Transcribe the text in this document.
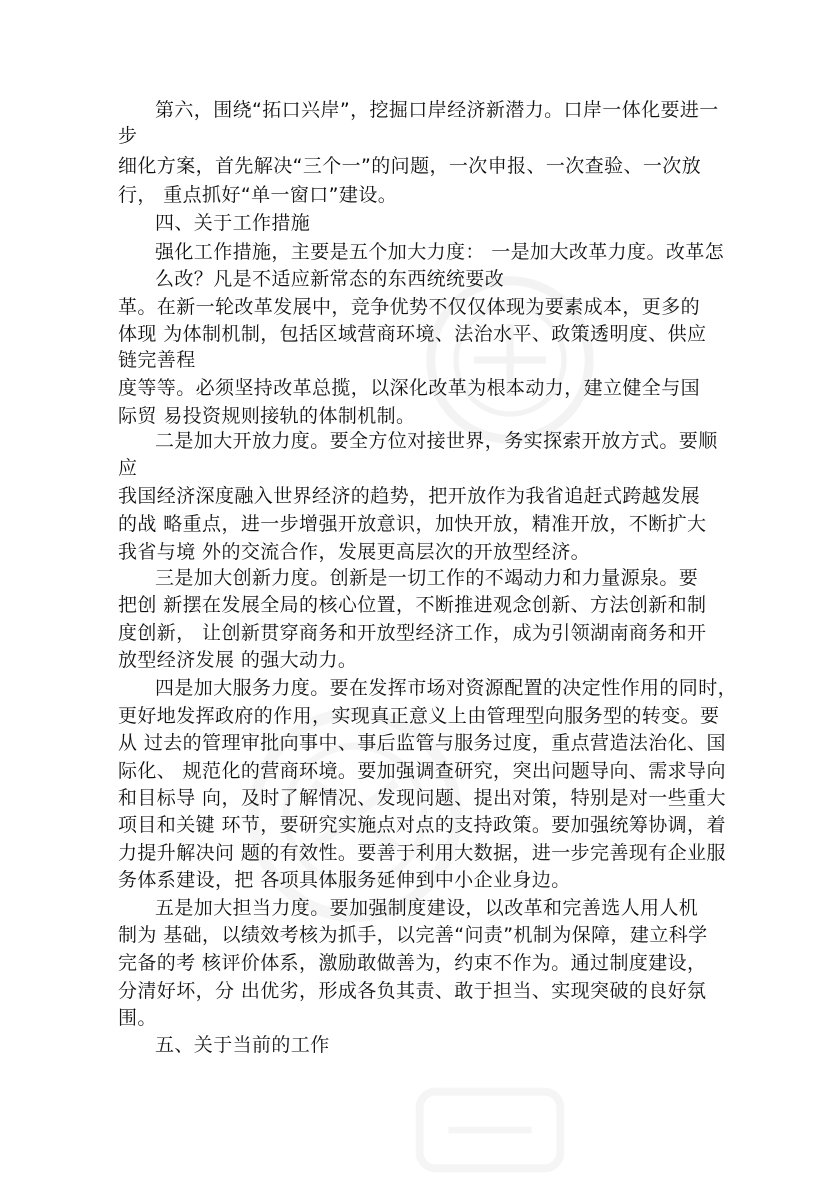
第六，围绕“拓口兴岸”，挖掘口岸经济新潜力。口岸一体化要进一
步
细化方案，首先解决“三个一”的问题，一次申报、一次查验、一次放
行， 重点抓好“单一窗口”建设。
四、关于工作措施
强化工作措施，主要是五个加大力度： 一是加大改革力度。改革怎
么改？凡是不适应新常态的东西统统要改
革。在新一轮改革发展中，竞争优势不仅仅体现为要素成本，更多的
体现 为体制机制，包括区域营商环境、法治水平、政策透明度、供应
链完善程
度等等。必须坚持改革总揽，以深化改革为根本动力，建立健全与国
际贸 易投资规则接轨的体制机制。
二是加大开放力度。要全方位对接世界，务实探索开放方式。要顺
应
我国经济深度融入世界经济的趋势，把开放作为我省追赶式跨越发展
的战 略重点，进一步增强开放意识，加快开放，精准开放，不断扩大
我省与境 外的交流合作，发展更高层次的开放型经济。
三是加大创新力度。创新是一切工作的不竭动力和力量源泉。要
把创 新摆在发展全局的核心位置，不断推进观念创新、方法创新和制
度创新， 让创新贯穿商务和开放型经济工作，成为引领湖南商务和开
放型经济发展 的强大动力。
四是加大服务力度。要在发挥市场对资源配置的决定性作用的同时，
更好地发挥政府的作用，实现真正意义上由管理型向服务型的转变。要
从 过去的管理审批向事中、事后监管与服务过度，重点营造法治化、国
际化、 规范化的营商环境。要加强调查研究，突出问题导向、需求导向
和目标导 向，及时了解情况、发现问题、提出对策，特别是对一些重大
项目和关键 环节，要研究实施点对点的支持政策。要加强统筹协调，着
力提升解决问 题的有效性。要善于利用大数据，进一步完善现有企业服
务体系建设，把 各项具体服务延伸到中小企业身边。
五是加大担当力度。要加强制度建设，以改革和完善选人用人机
制为 基础，以绩效考核为抓手，以完善“问责”机制为保障，建立科学
完备的考 核评价体系，激励敢做善为，约束不作为。通过制度建设，
分清好坏，分 出优劣，形成各负其责、敢于担当、实现突破的良好氛
围。
五、关于当前的工作
